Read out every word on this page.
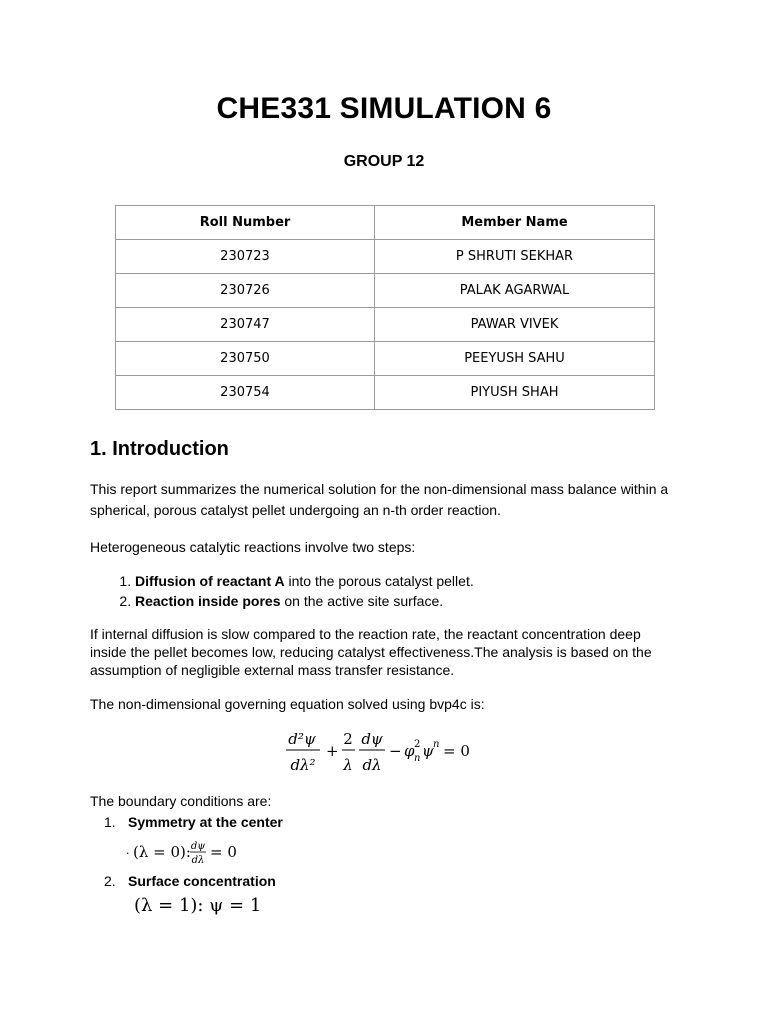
CHE331 SIMULATION 6
GROUP 12
Roll Number	Member Name
230723	P SHRUTI SEKHAR
230726	PALAK AGARWAL
230747	PAWAR VIVEK
230750	PEEYUSH SAHU
230754	PIYUSH SHAH
1. Introduction
This report summarizes the numerical solution for the non-dimensional mass balance within a spherical, porous catalyst pellet undergoing an n-th order reaction.
Heterogeneous catalytic reactions involve two steps:
1. Diffusion of reactant A into the porous catalyst pellet.
2. Reaction inside pores on the active site surface.
If internal diffusion is slow compared to the reaction rate, the reactant concentration deep inside the pellet becomes low, reducing catalyst effectiveness.The analysis is based on the assumption of negligible external mass transfer resistance.
The non-dimensional governing equation solved using bvp4c is:
d²ψ
dλ²
+
2
λ
dψ
dλ
− φ 2
n ψ n = 0
The boundary conditions are:
1. Symmetry at the center
· (λ = 0): dψ
dλ = 0
2. Surface concentration
(λ = 1): ψ = 1
